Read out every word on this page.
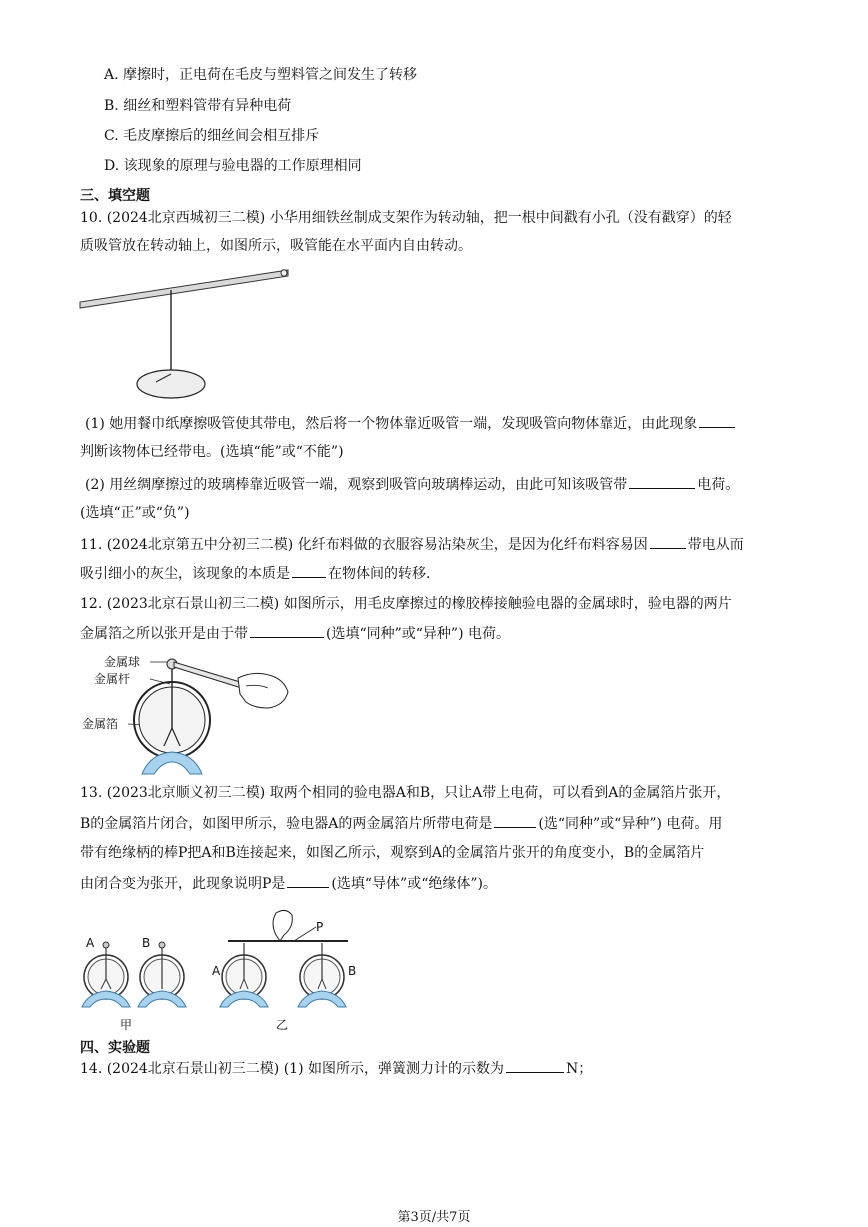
A. 摩擦时，正电荷在毛皮与塑料管之间发生了转移
B. 细丝和塑料管带有异种电荷
C. 毛皮摩擦后的细丝间会相互排斥
D. 该现象的原理与验电器的工作原理相同
三、填空题
10. (2024北京西城初三二模) 小华用细铁丝制成支架作为转动轴，把一根中间戳有小孔（没有戳穿）的轻
质吸管放在转动轴上，如图所示，吸管能在水平面内自由转动。
(1) 她用餐巾纸摩擦吸管使其带电，然后将一个物体靠近吸管一端，发现吸管向物体靠近，由此现象
判断该物体已经带电。(选填“能”或“不能”)
(2) 用丝绸摩擦过的玻璃棒靠近吸管一端，观察到吸管向玻璃棒运动，由此可知该吸管带	电荷。
(选填“正”或“负”)
11. (2024北京第五中分初三二模) 化纤布料做的衣服容易沾染灰尘，是因为化纤布料容易因	带电从而
吸引细小的灰尘，该现象的本质是	在物体间的转移.
12. (2023北京石景山初三二模) 如图所示，用毛皮摩擦过的橡胶棒接触验电器的金属球时，验电器的两片
金属箔之所以张开是由于带	(选填“同种”或“异种”) 电荷。
金属球
金属杆
金属箔
13. (2023北京顺义初三二模) 取两个相同的验电器A和B，只让A带上电荷，可以看到A的金属箔片张开，
B的金属箔片闭合，如图甲所示，验电器A的两金属箔片所带电荷是	(选“同种”或“异种”) 电荷。用
带有绝缘柄的棒P把A和B连接起来，如图乙所示，观察到A的金属箔片张开的角度变小，B的金属箔片
由闭合变为张开，此现象说明P是	(选填“导体”或“绝缘体”)。
A	B
甲
P
A	B
乙
四、实验题
14. (2024北京石景山初三二模) (1) 如图所示，弹簧测力计的示数为	N；
第3页/共7页
